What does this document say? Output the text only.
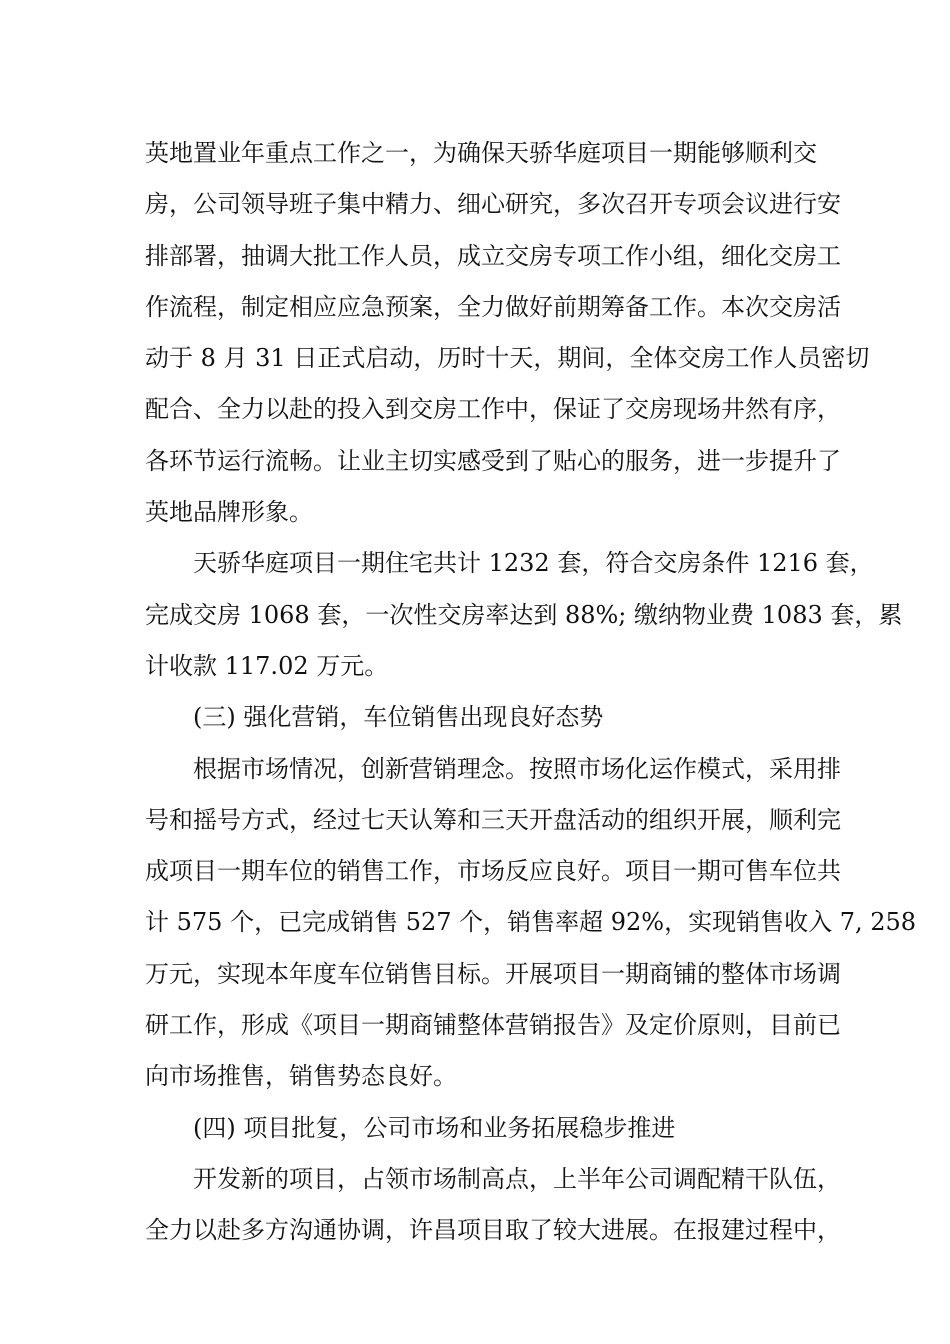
英地置业年重点工作之一，为确保天骄华庭项目一期能够顺利交
房，公司领导班子集中精力、细心研究，多次召开专项会议进行安
排部署，抽调大批工作人员，成立交房专项工作小组，细化交房工
作流程，制定相应应急预案，全力做好前期筹备工作。本次交房活
动于 8 月 31 日正式启动，历时十天，期间，全体交房工作人员密切
配合、全力以赴的投入到交房工作中，保证了交房现场井然有序，
各环节运行流畅。让业主切实感受到了贴心的服务，进一步提升了
英地品牌形象。
天骄华庭项目一期住宅共计 1232 套，符合交房条件 1216 套，
完成交房 1068 套，一次性交房率达到 88%; 缴纳物业费 1083 套，累
计收款 117.02 万元。
(三) 强化营销，车位销售出现良好态势
根据市场情况，创新营销理念。按照市场化运作模式，采用排
号和摇号方式，经过七天认筹和三天开盘活动的组织开展，顺利完
成项目一期车位的销售工作，市场反应良好。项目一期可售车位共
计 575 个，已完成销售 527 个，销售率超 92%，实现销售收入 7, 258
万元，实现本年度车位销售目标。开展项目一期商铺的整体市场调
研工作，形成《项目一期商铺整体营销报告》及定价原则，目前已
向市场推售，销售势态良好。
(四) 项目批复，公司市场和业务拓展稳步推进
开发新的项目，占领市场制高点，上半年公司调配精干队伍，
全力以赴多方沟通协调，许昌项目取了较大进展。在报建过程中，
